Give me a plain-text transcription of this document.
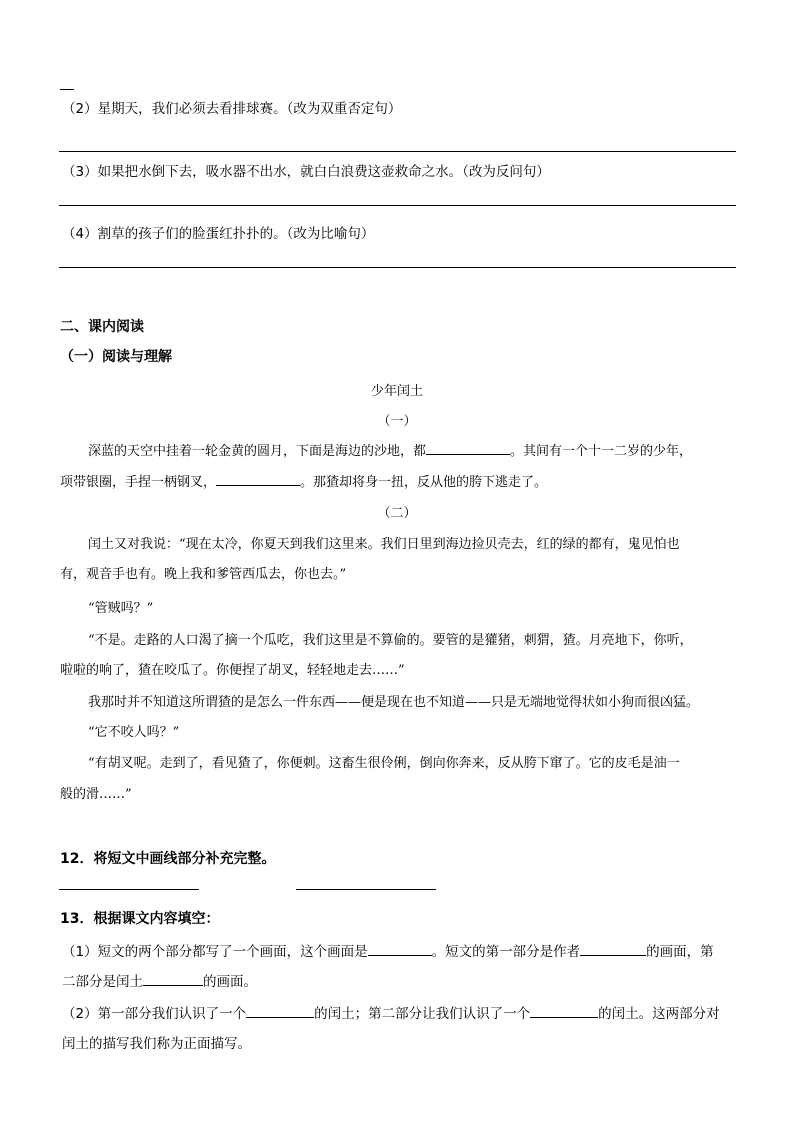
（2）星期天，我们必须去看排球赛。（改为双重否定句）
（3）如果把水倒下去，吸水器不出水，就白白浪费这壶救命之水。（改为反问句）
（4）割草的孩子们的脸蛋红扑扑的。（改为比喻句）
二、课内阅读
（一）阅读与理解
少年闰土
（一）
深蓝的天空中挂着一轮金黄的圆月，下面是海边的沙地，都	。其间有一个十一二岁的少年，
项带银圈，手捏一柄钢叉，	。那猹却将身一扭，反从他的胯下逃走了。
（二）
闰土又对我说：“现在太冷，你夏天到我们这里来。我们日里到海边捡贝壳去，红的绿的都有，鬼见怕也
有，观音手也有。晚上我和爹管西瓜去，你也去。”
“管贼吗？”
“不是。走路的人口渴了摘一个瓜吃，我们这里是不算偷的。要管的是獾猪，刺猬，猹。月亮地下，你听，
啦啦的响了，猹在咬瓜了。你便捏了胡叉，轻轻地走去……”
我那时并不知道这所谓猹的是怎么一件东西——便是现在也不知道——只是无端地觉得状如小狗而很凶猛。
“它不咬人吗？”
“有胡叉呢。走到了，看见猹了，你便刺。这畜生很伶俐，倒向你奔来，反从胯下窜了。它的皮毛是油一
般的滑……”
12．将短文中画线部分补充完整。
13．根据课文内容填空：
（1）短文的两个部分都写了一个画面，这个画面是	。短文的第一部分是作者	的画面，第
二部分是闰土	的画面。
（2）第一部分我们认识了一个	的闰土；第二部分让我们认识了一个	的闰土。这两部分对
闰土的描写我们称为正面描写。
